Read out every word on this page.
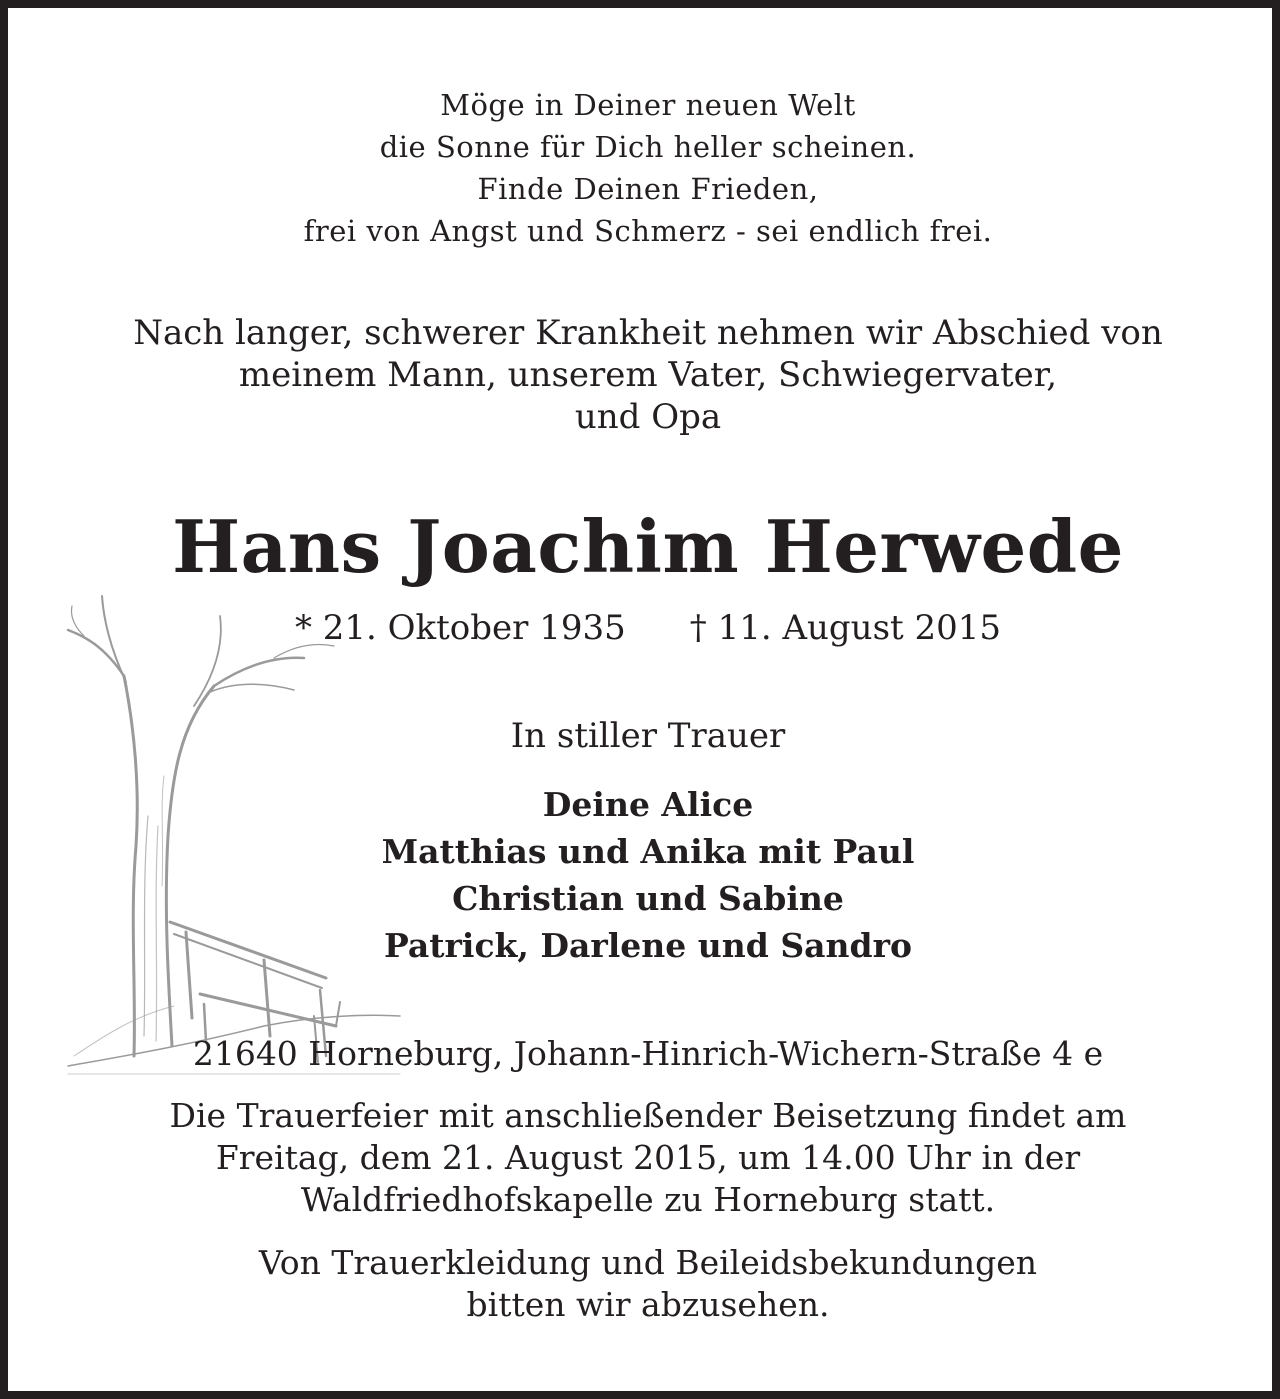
Möge in Deiner neuen Welt
die Sonne für Dich heller scheinen.
Finde Deinen Frieden,
frei von Angst und Schmerz - sei endlich frei.

Nach langer, schwerer Krankheit nehmen wir Abschied von
meinem Mann, unserem Vater, Schwiegervater,
und Opa

Hans Joachim Herwede

* 21. Oktober 1935 † 11. August 2015

In stiller Trauer

Deine Alice
Matthias und Anika mit Paul
Christian und Sabine
Patrick, Darlene und Sandro

21640 Horneburg, Johann-Hinrich-Wichern-Straße 4 e

Die Trauerfeier mit anschließender Beisetzung findet am
Freitag, dem 21. August 2015, um 14.00 Uhr in der
Waldfriedhofskapelle zu Horneburg statt.

Von Trauerkleidung und Beileidsbekundungen
bitten wir abzusehen.
